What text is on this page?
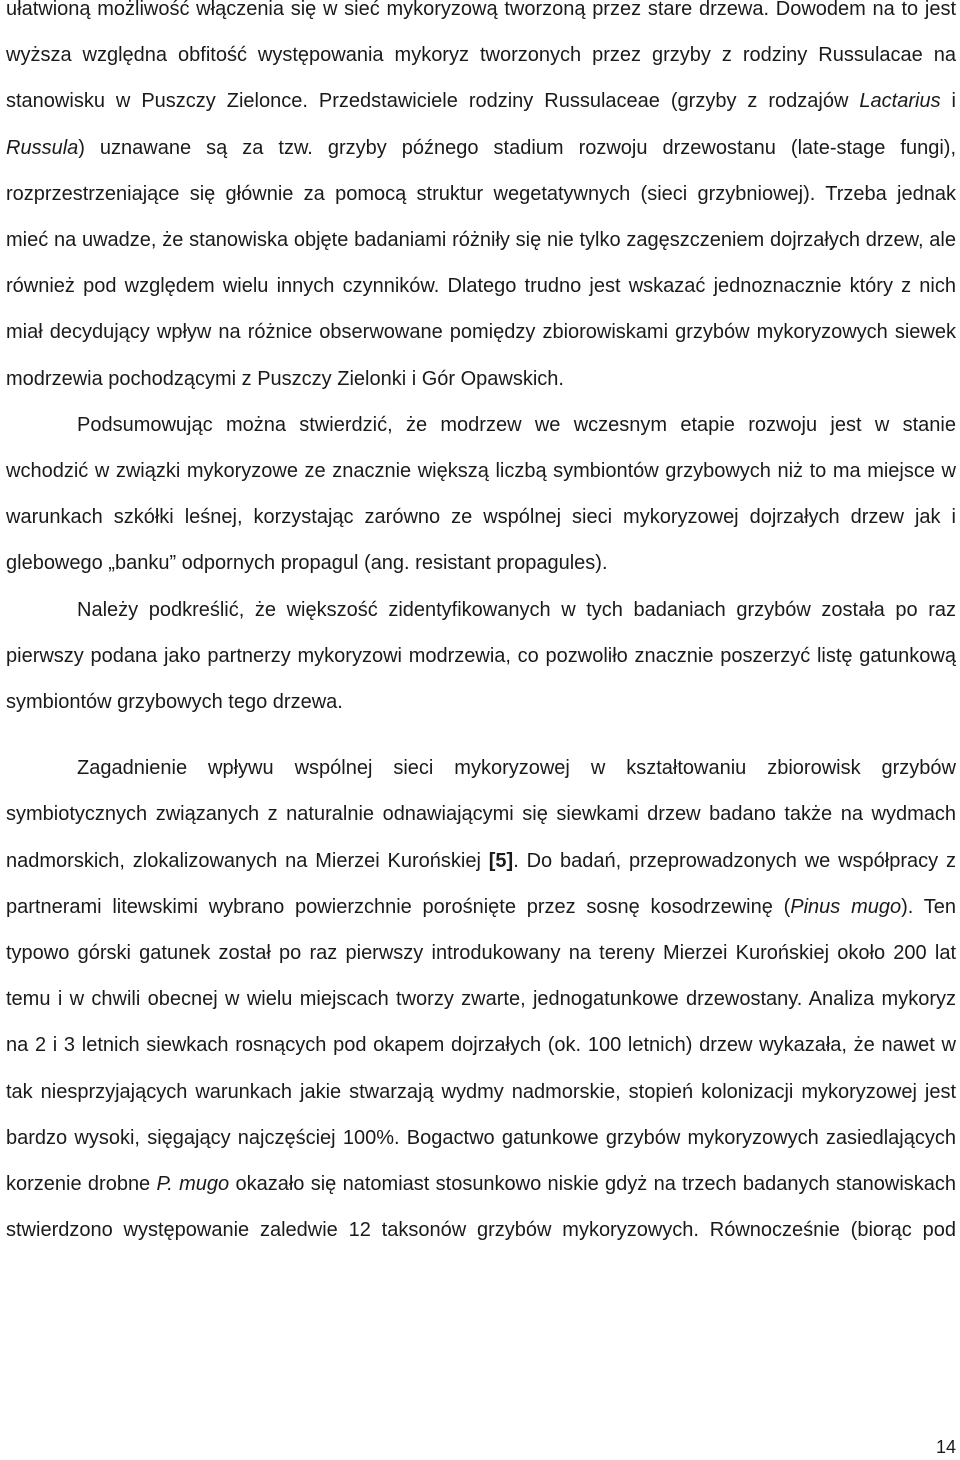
ułatwioną możliwość włączenia się w sieć mykoryzową tworzoną przez stare drzewa. Dowodem na to jest wyższa względna obfitość występowania mykoryz tworzonych przez grzyby z rodziny Russulacae na stanowisku w Puszczy Zielonce. Przedstawiciele rodziny Russulaceae (grzyby z rodzajów Lactarius i Russula) uznawane są za tzw. grzyby późnego stadium rozwoju drzewostanu (late-stage fungi), rozprzestrzeniające się głównie za pomocą struktur wegetatywnych (sieci grzybniowej). Trzeba jednak mieć na uwadze, że stanowiska objęte badaniami różniły się nie tylko zagęszczeniem dojrzałych drzew, ale również pod względem wielu innych czynników. Dlatego trudno jest wskazać jednoznacznie który z nich miał decydujący wpływ na różnice obserwowane pomiędzy zbiorowiskami grzybów mykoryzowych siewek modrzewia pochodzącymi z Puszczy Zielonki i Gór Opawskich.

Podsumowując można stwierdzić, że modrzew we wczesnym etapie rozwoju jest w stanie wchodzić w związki mykoryzowe ze znacznie większą liczbą symbiontów grzybowych niż to ma miejsce w warunkach szkółki leśnej, korzystając zarówno ze wspólnej sieci mykoryzowej dojrzałych drzew jak i glebowego „banku” odpornych propagul (ang. resistant propagules).

Należy podkreślić, że większość zidentyfikowanych w tych badaniach grzybów została po raz pierwszy podana jako partnerzy mykoryzowi modrzewia, co pozwoliło znacznie poszerzyć listę gatunkową symbiontów grzybowych tego drzewa.

Zagadnienie wpływu wspólnej sieci mykoryzowej w kształtowaniu zbiorowisk grzybów symbiotycznych związanych z naturalnie odnawiającymi się siewkami drzew badano także na wydmach nadmorskich, zlokalizowanych na Mierzei Kurońskiej [5]. Do badań, przeprowadzonych we współpracy z partnerami litewskimi wybrano powierzchnie porośnięte przez sosnę kosodrzewinę (Pinus mugo). Ten typowo górski gatunek został po raz pierwszy introdukowany na tereny Mierzei Kurońskiej około 200 lat temu i w chwili obecnej w wielu miejscach tworzy zwarte, jednogatunkowe drzewostany. Analiza mykoryz na 2 i 3 letnich siewkach rosnących pod okapem dojrzałych (ok. 100 letnich) drzew wykazała, że nawet w tak niesprzyjających warunkach jakie stwarzają wydmy nadmorskie, stopień kolonizacji mykoryzowej jest bardzo wysoki, sięgający najczęściej 100%. Bogactwo gatunkowe grzybów mykoryzowych zasiedlających korzenie drobne P. mugo okazało się natomiast stosunkowo niskie gdyż na trzech badanych stanowiskach stwierdzono występowanie zaledwie 12 taksonów grzybów mykoryzowych. Równocześnie (biorąc pod

14
